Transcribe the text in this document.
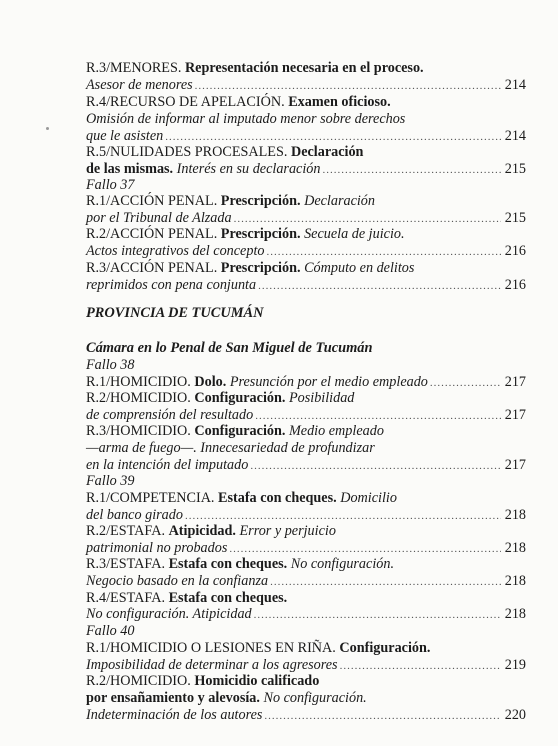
R.3/MENORES. Representación necesaria en el proceso.
Asesor de menores .....	214
R.4/RECURSO DE APELACIÓN. Examen oficioso.
Omisión de informar al imputado menor sobre derechos
que le asisten .....	214
R.5/NULIDADES PROCESALES. Declaración
de las mismas. Interés en su declaración .....	215
Fallo 37
R.1/ACCIÓN PENAL. Prescripción. Declaración
por el Tribunal de Alzada .....	215
R.2/ACCIÓN PENAL. Prescripción. Secuela de juicio.
Actos integrativos del concepto .....	216
R.3/ACCIÓN PENAL. Prescripción. Cómputo en delitos
reprimidos con pena conjunta .....	216
PROVINCIA DE TUCUMÁN
Cámara en lo Penal de San Miguel de Tucumán
Fallo 38
R.1/HOMICIDIO. Dolo. Presunción por el medio empleado .....	217
R.2/HOMICIDIO. Configuración. Posibilidad
de comprensión del resultado .....	217
R.3/HOMICIDIO. Configuración. Medio empleado
—arma de fuego—. Innecesariedad de profundizar
en la intención del imputado .....	217
Fallo 39
R.1/COMPETENCIA. Estafa con cheques. Domicilio
del banco girado .....	218
R.2/ESTAFA. Atipicidad. Error y perjuicio
patrimonial no probados .....	218
R.3/ESTAFA. Estafa con cheques. No configuración.
Negocio basado en la confianza .....	218
R.4/ESTAFA. Estafa con cheques.
No configuración. Atipicidad .....	218
Fallo 40
R.1/HOMICIDIO O LESIONES EN RIÑA. Configuración.
Imposibilidad de determinar a los agresores .....	219
R.2/HOMICIDIO. Homicidio calificado
por ensañamiento y alevosía. No configuración.
Indeterminación de los autores .....	220
